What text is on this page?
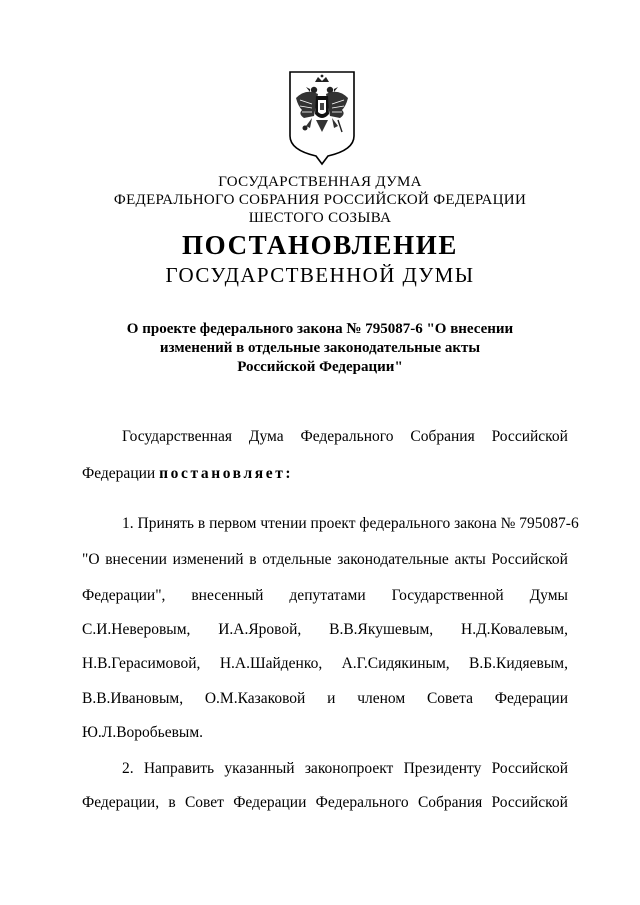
ГОСУДАРСТВЕННАЯ ДУМА
ФЕДЕРАЛЬНОГО СОБРАНИЯ РОССИЙСКОЙ ФЕДЕРАЦИИ
ШЕСТОГО СОЗЫВА
ПОСТАНОВЛЕНИЕ
ГОСУДАРСТВЕННОЙ ДУМЫ
О проекте федерального закона № 795087-6 "О внесении
изменений в отдельные законодательные акты
Российской Федерации"
Государственная Дума Федерального Собрания Российской
Федерации постановляет:
1. Принять в первом чтении проект федерального закона № 795087-6
"О внесении изменений в отдельные законодательные акты Российской
Федерации", внесенный депутатами Государственной Думы
С.И.Неверовым, И.А.Яровой, В.В.Якушевым, Н.Д.Ковалевым,
Н.В.Герасимовой, Н.А.Шайденко, А.Г.Сидякиным, В.Б.Кидяевым,
В.В.Ивановым, О.М.Казаковой и членом Совета Федерации
Ю.Л.Воробьевым.
2. Направить указанный законопроект Президенту Российской
Федерации, в Совет Федерации Федерального Собрания Российской
